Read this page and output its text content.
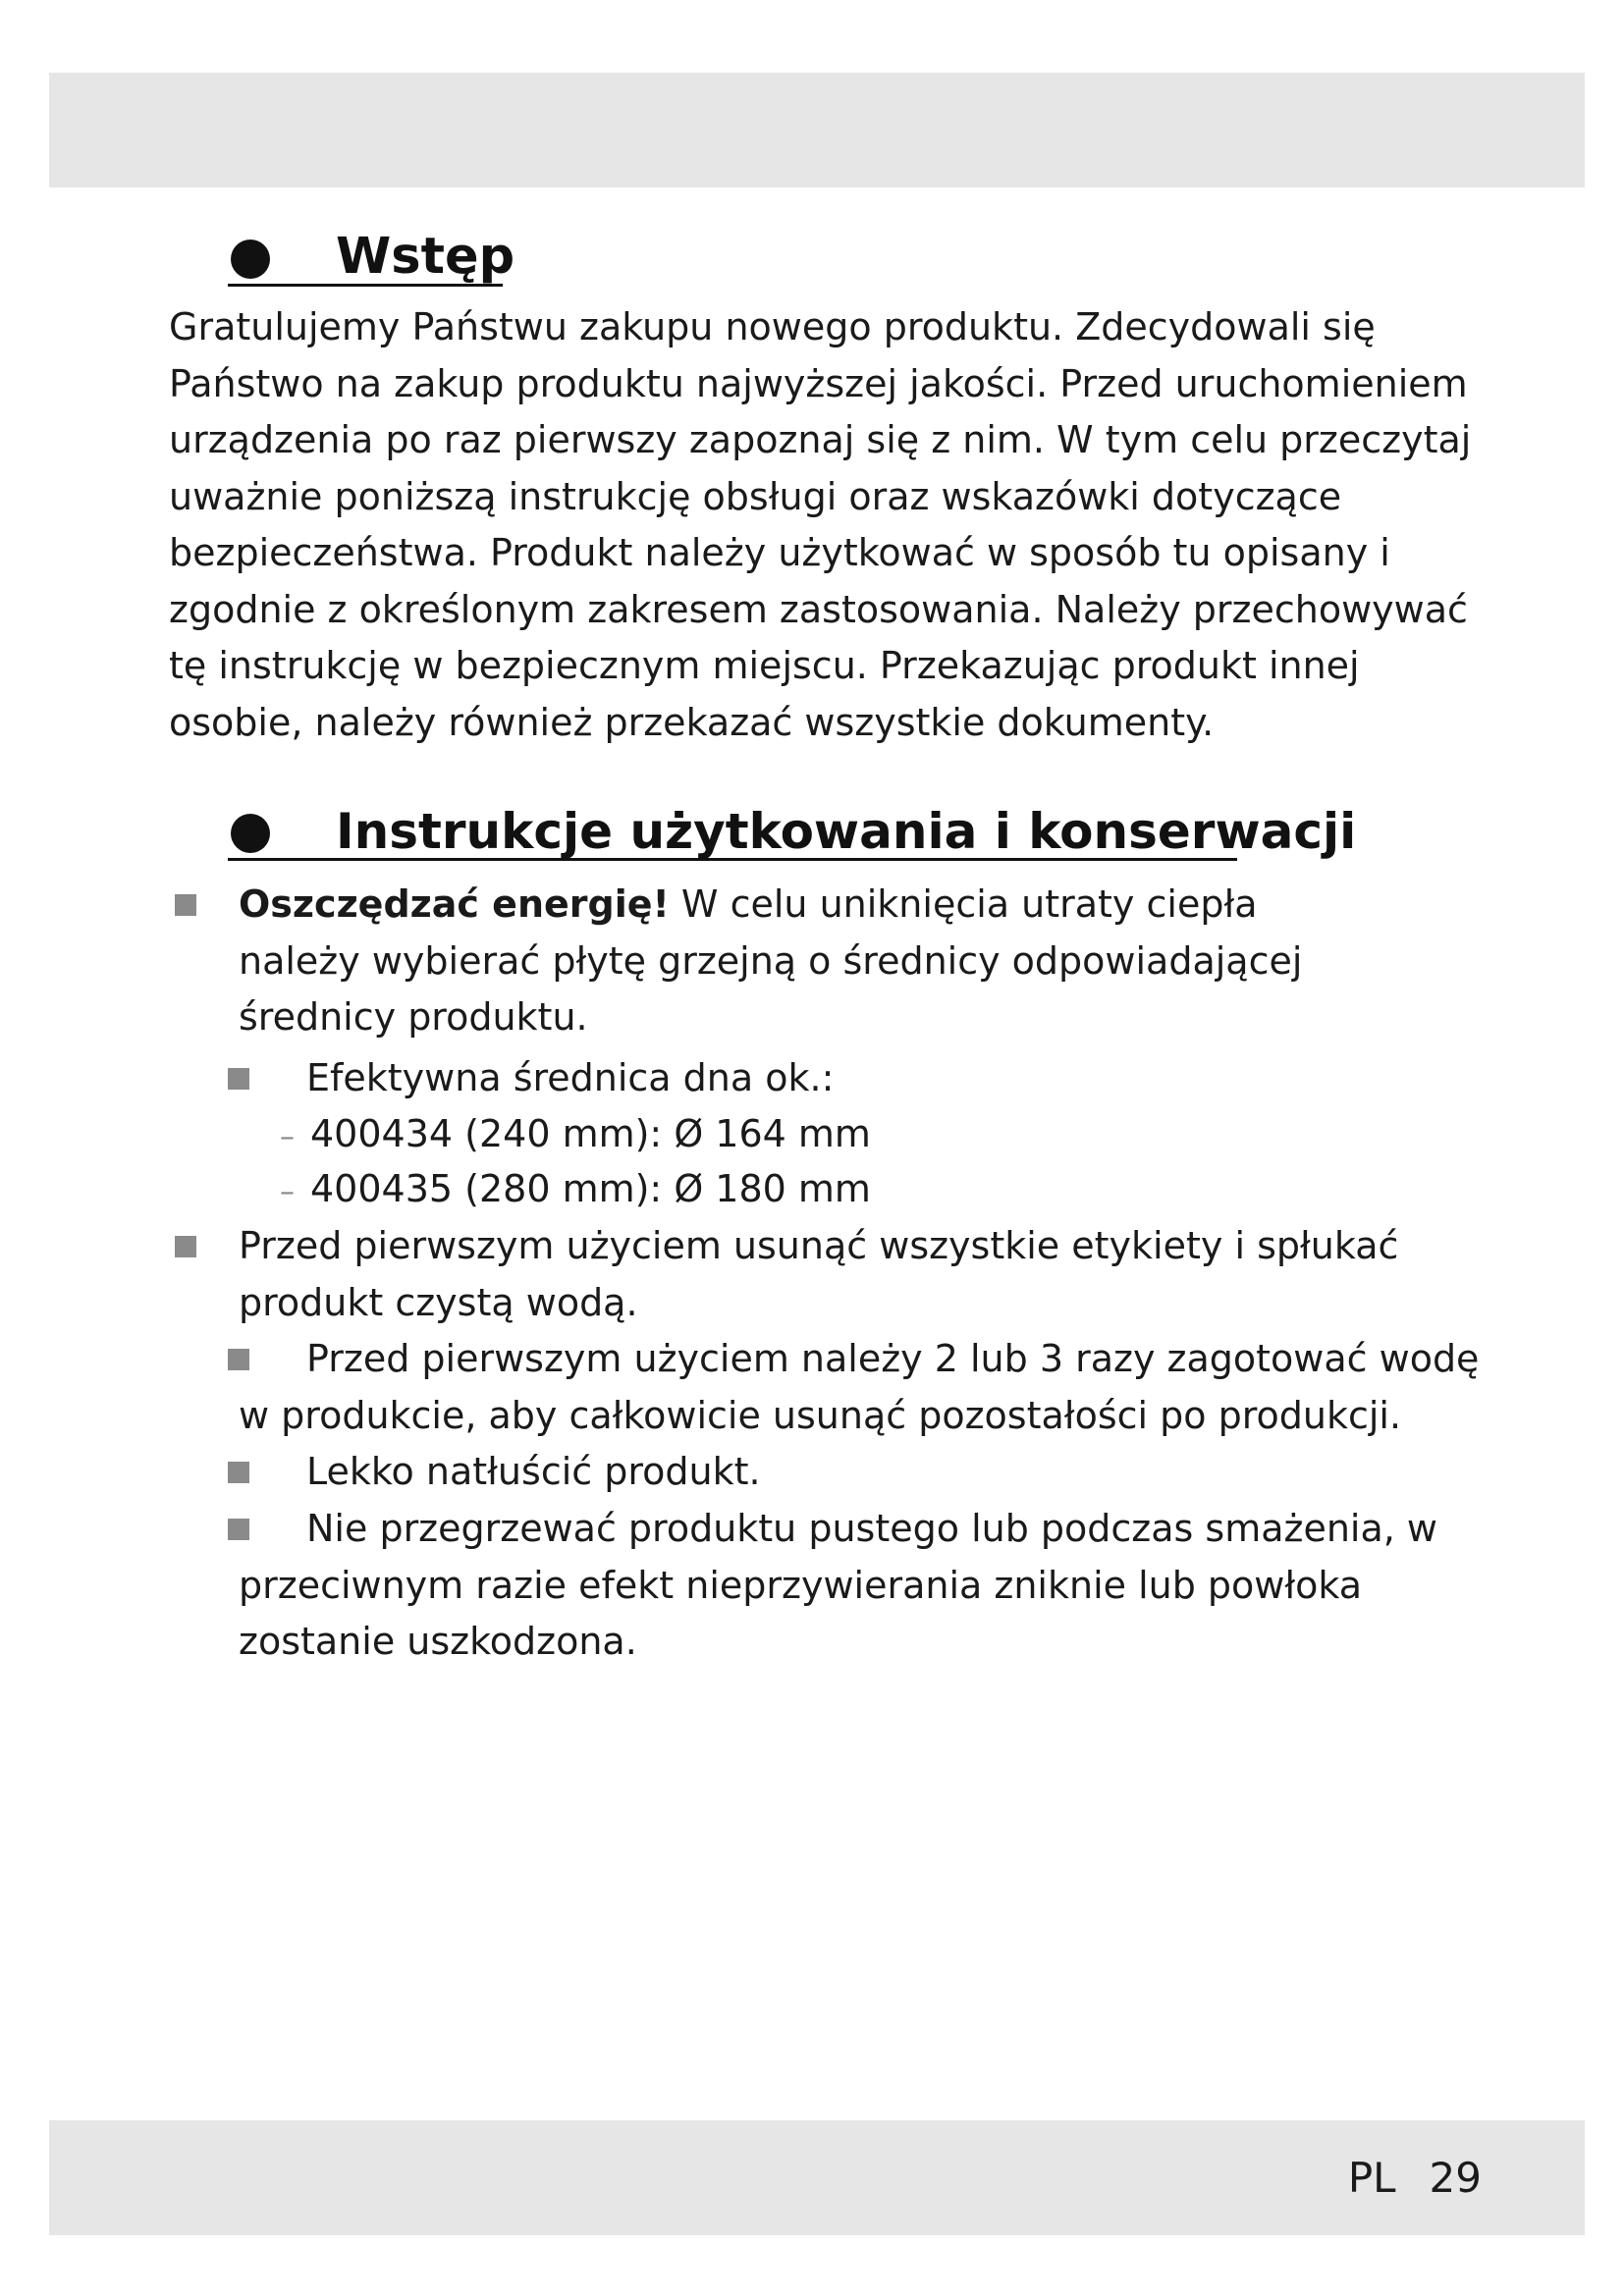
Wstęp
Gratulujemy Państwu zakupu nowego produktu. Zdecydowali się Państwo na zakup produktu najwyższej jakości. Przed uruchomieniem urządzenia po raz pierwszy zapoznaj się z nim. W tym celu przeczytaj uważnie poniższą instrukcję obsługi oraz wskazówki dotyczące bezpieczeństwa. Produkt należy użytkować w sposób tu opisany i zgodnie z określonym zakresem zastosowania. Należy przechowywać tę instrukcję w bezpiecznym miejscu. Przekazując produkt innej osobie, należy również przekazać wszystkie dokumenty.
Instrukcje użytkowania i konserwacji
Oszczędzać energię! W celu uniknięcia utraty ciepła należy wybierać płytę grzejną o średnicy odpowiadającej średnicy produktu.
Efektywna średnica dna ok.:
– 400434 (240 mm): Ø 164 mm
– 400435 (280 mm): Ø 180 mm
Przed pierwszym użyciem usunąć wszystkie etykiety i spłukać produkt czystą wodą.
Przed pierwszym użyciem należy 2 lub 3 razy zagotować wodę w produkcie, aby całkowicie usunąć pozostałości po produkcji.
Lekko natłuścić produkt.
Nie przegrzewać produktu pustego lub podczas smażenia, w przeciwnym razie efekt nieprzywierania zniknie lub powłoka zostanie uszkodzona.
PL 29
